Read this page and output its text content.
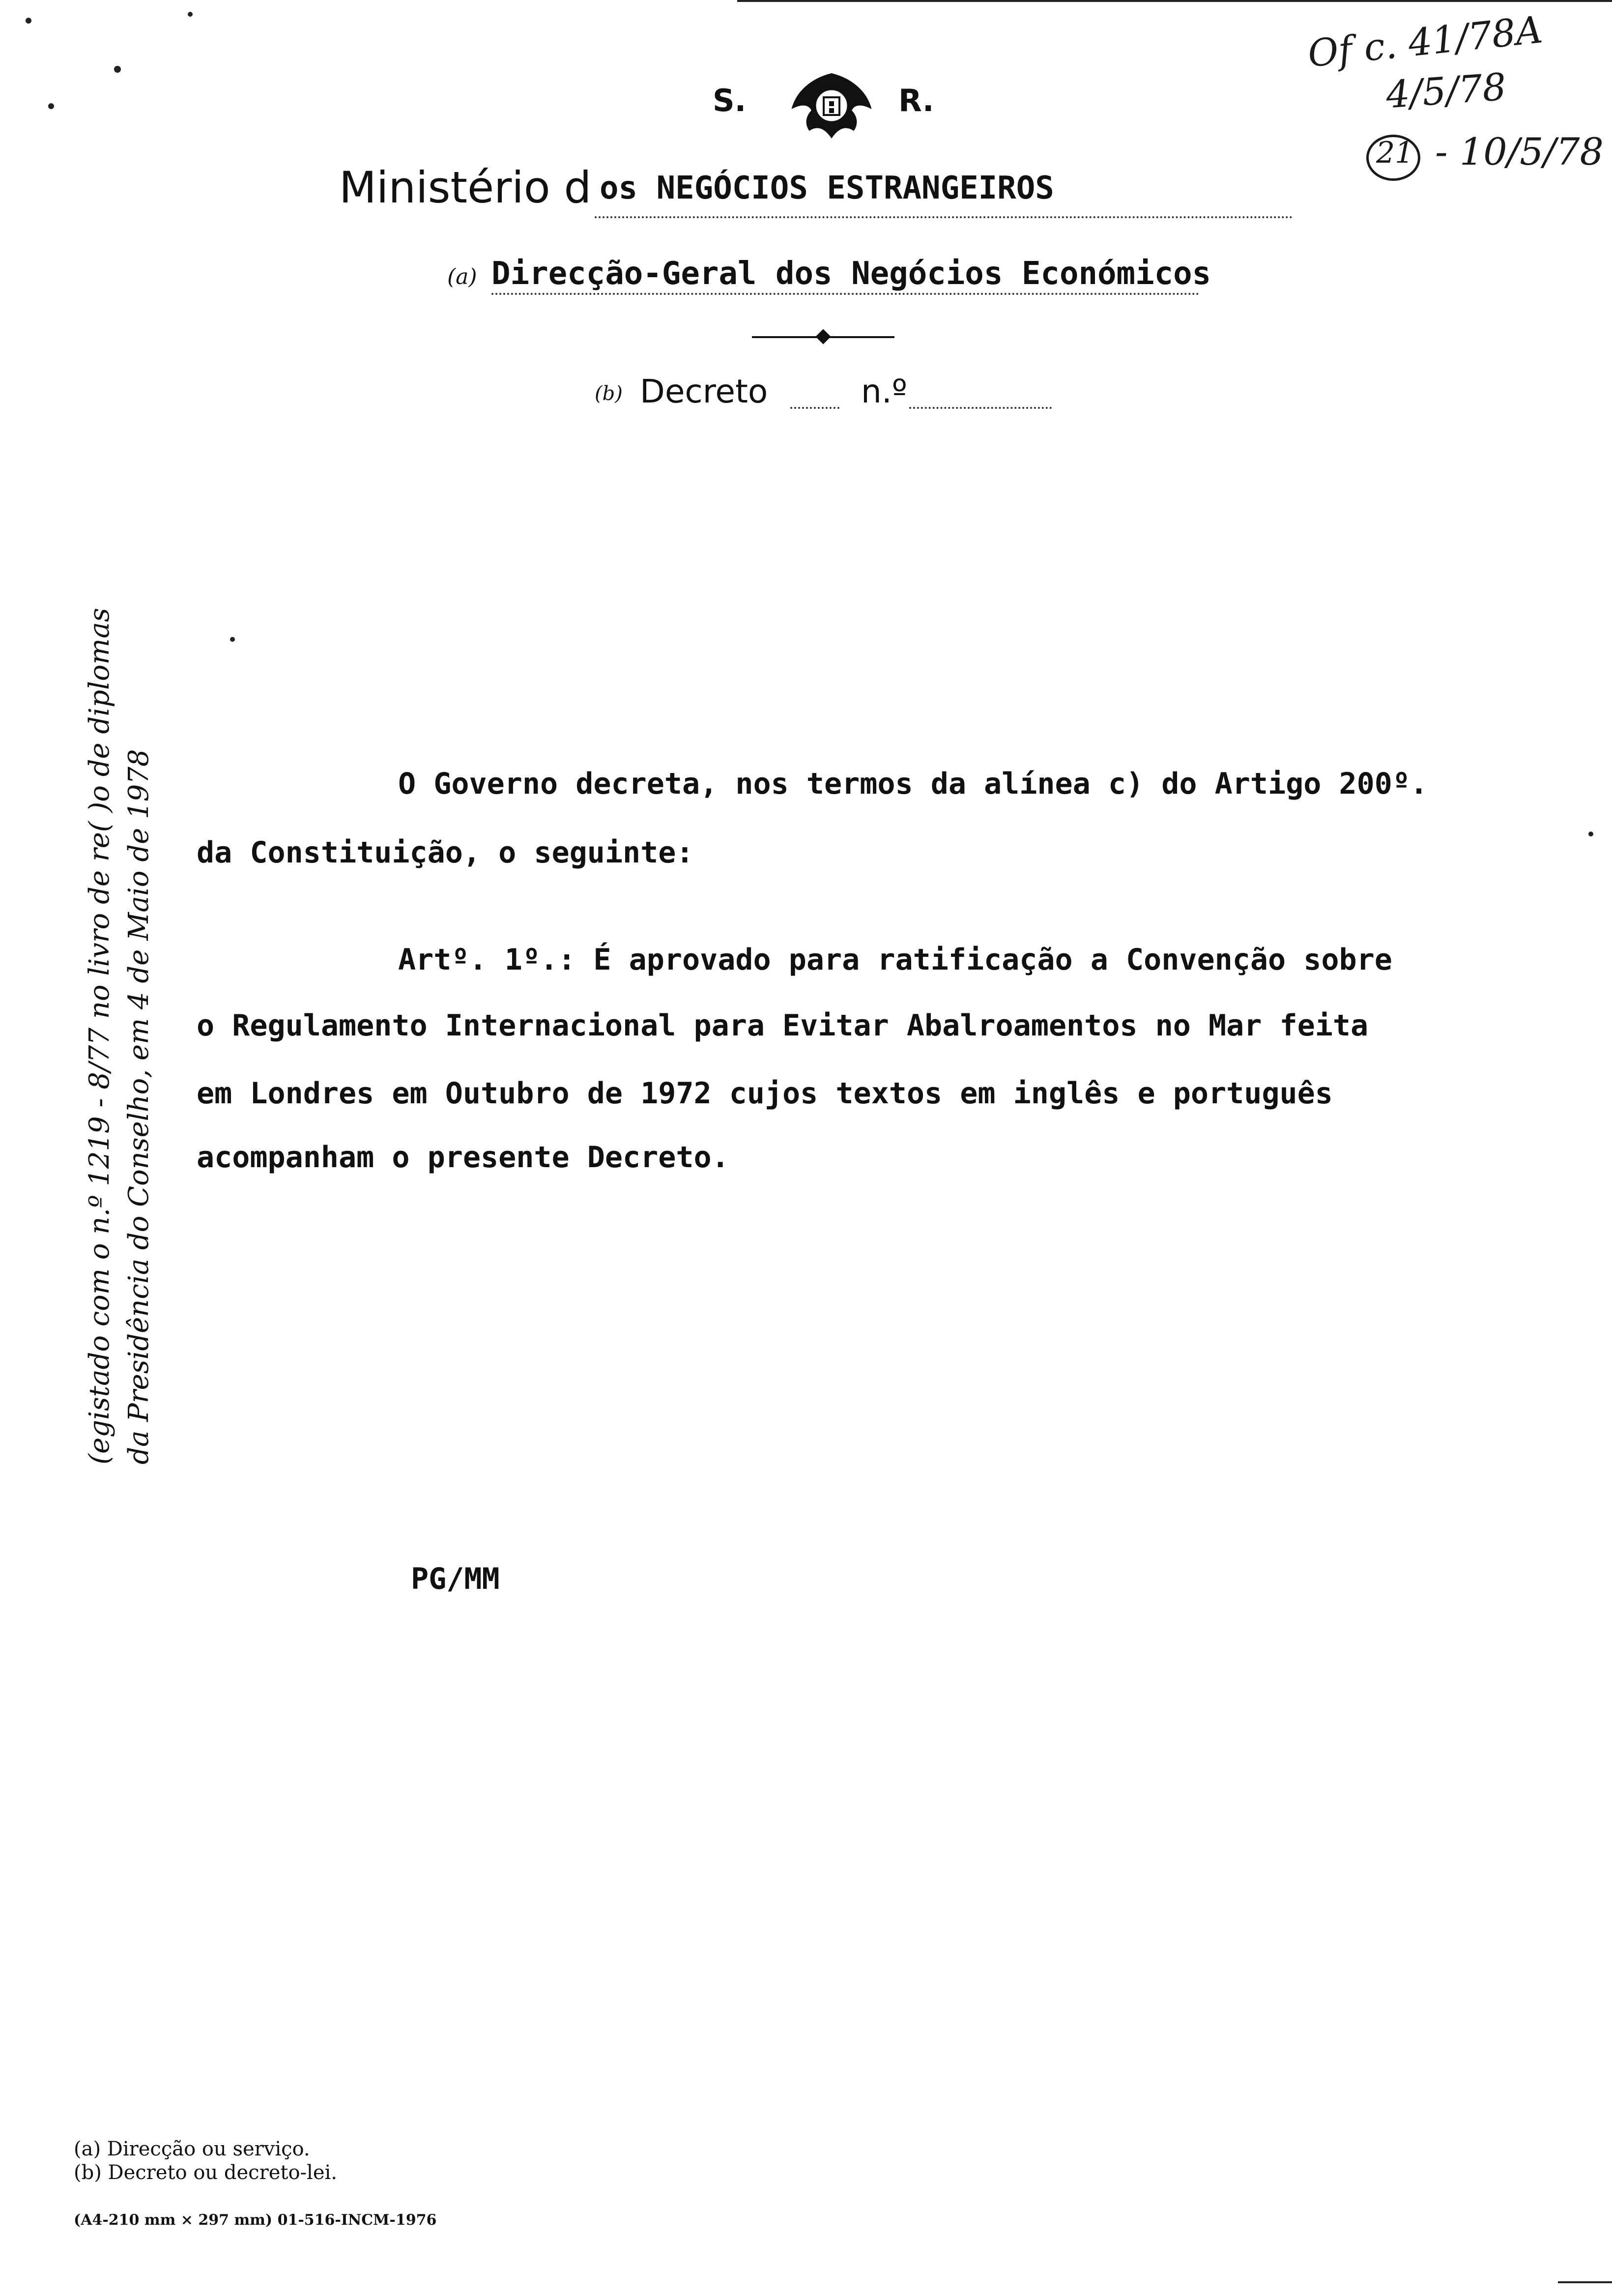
S.	R.
Ministério d os NEGÓCIOS ESTRANGEIROS
(a) Direcção-Geral dos Negócios Económicos
(b) Decreto	n.º
Of c. 41/78A
4/5/78
21 - 10/5/78
(egistado com o n.º 1219 - 8/77 no livro de re( )o de diplomas da Presidência do Conselho, em 4 de Maio de 1978	O Governo decreta, nos termos da alínea c) do Artigo 200º.
da Constituição, o seguinte:
Artº. 1º.: É aprovado para ratificação a Convenção sobre
o Regulamento Internacional para Evitar Abalroamentos no Mar feita
em Londres em Outubro de 1972 cujos textos em inglês e português
acompanham o presente Decreto.
PG/MM
(a) Direcção ou serviço.
(b) Decreto ou decreto-lei.
(A4-210 mm × 297 mm) 01-516-INCM-1976
